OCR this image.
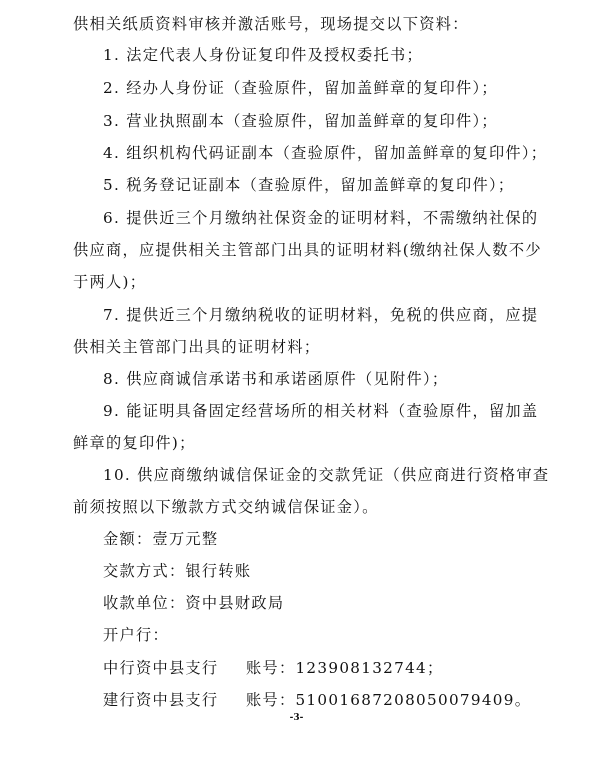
供相关纸质资料审核并激活账号，现场提交以下资料：
1. 法定代表人身份证复印件及授权委托书；
2. 经办人身份证（查验原件，留加盖鲜章的复印件）；
3. 营业执照副本（查验原件，留加盖鲜章的复印件）；
4. 组织机构代码证副本（查验原件，留加盖鲜章的复印件）；
5. 税务登记证副本（查验原件，留加盖鲜章的复印件）；
6. 提供近三个月缴纳社保资金的证明材料，不需缴纳社保的
供应商，应提供相关主管部门出具的证明材料(缴纳社保人数不少
于两人)；
7. 提供近三个月缴纳税收的证明材料，免税的供应商，应提
供相关主管部门出具的证明材料；
8. 供应商诚信承诺书和承诺函原件（见附件）；
9. 能证明具备固定经营场所的相关材料（查验原件，留加盖
鲜章的复印件)；
10. 供应商缴纳诚信保证金的交款凭证（供应商进行资格审查
前须按照以下缴款方式交纳诚信保证金）。
金额：壹万元整
交款方式：银行转账
收款单位：资中县财政局
开户行：
中行资中县支行 账号：123908132744；
建行资中县支行 账号：51001687208050079409。
-3-
